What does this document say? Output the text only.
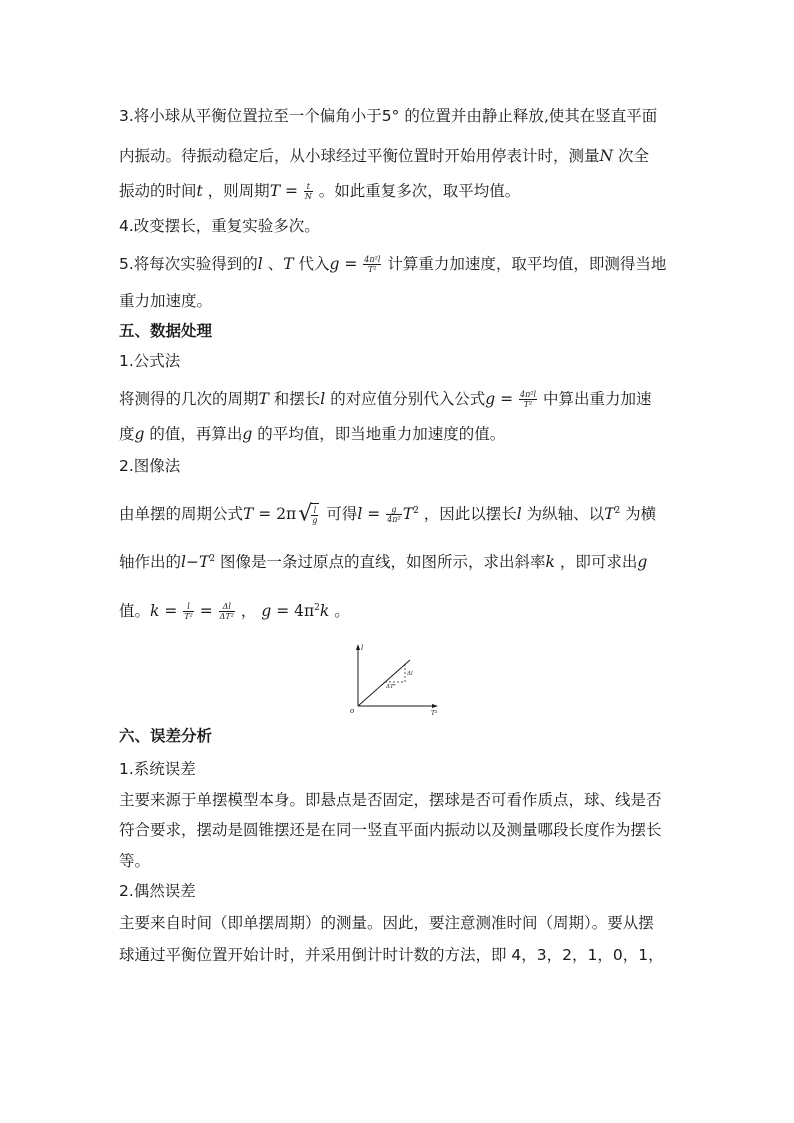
3.将小球从平衡位置拉至一个偏角小于5° 的位置并由静止释放,使其在竖直平面
内振动。待振动稳定后，从小球经过平衡位置时开始用停表计时，测量N 次全
振动的时间t ，则周期$T = \frac{t}{N}$ 。如此重复多次，取平均值。
4.改变摆长，重复实验多次。
5.将每次实验得到的l 、T 代入$g = \frac{\text{4π²l}}{\text{T²}}$ 计算重力加速度，取平均值，即测得当地
重力加速度。
五、数据处理
1.公式法
将测得的几次的周期T 和摆长l 的对应值分别代入公式$g = \frac{\text{4π²l}}{\text{T²}}$ 中算出重力加速
度g 的值，再算出g 的平均值，即当地重力加速度的值。
2.图像法
由单摆的周期公式$T = 2\pi√ \frac{l}{g}$ 可得$l = \frac{g}{\text{4π²}} T^2$ ，因此以摆长l 为纵轴、以$T^2$ 为横
轴作出的$l-T^2$ 图像是一条过原点的直线，如图所示，求出斜率k ，即可求出g
值。$k = \frac{l}{\text{T²}} = \frac{\Delta l}{\text{ΔT²}}$ ， $g = 4\pi^2k$ 。
l
T²
o
Δl
ΔT²
六、误差分析
1.系统误差
主要来源于单摆模型本身。即悬点是否固定，摆球是否可看作质点，球、线是否
符合要求，摆动是圆锥摆还是在同一竖直平面内振动以及测量哪段长度作为摆长
等。
2.偶然误差
主要来自时间（即单摆周期）的测量。因此，要注意测准时间（周期）。要从摆
球通过平衡位置开始计时，并采用倒计时计数的方法，即 4，3，2，1，0，1，
